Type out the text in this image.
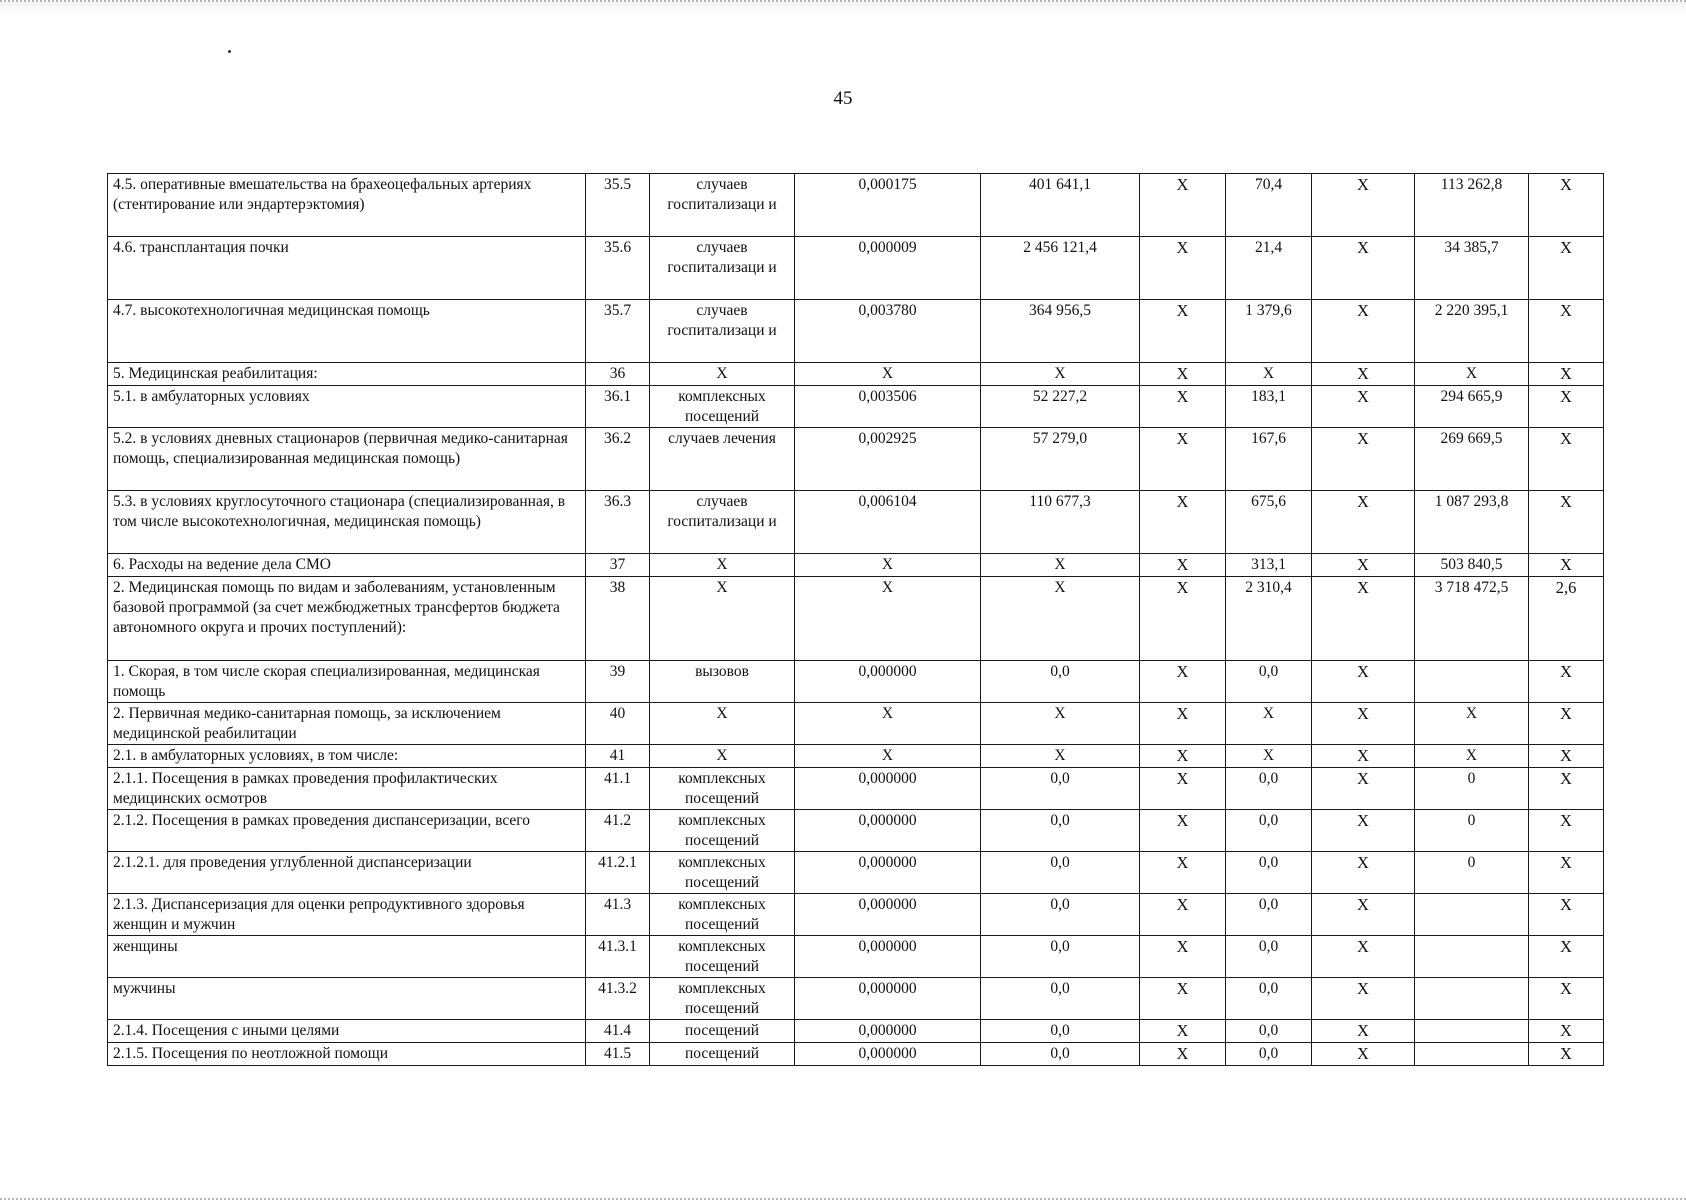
45
4.5. оперативные вмешательства на брахеоцефальных артериях (стентирование или эндартерэктомия)	35.5	случаев госпитализаци и	0,000175	401 641,1	X	70,4	X	113 262,8	X
4.6. трансплантация почки	35.6	случаев госпитализаци и	0,000009	2 456 121,4	X	21,4	X	34 385,7	X
4.7. высокотехнологичная медицинская помощь	35.7	случаев госпитализаци и	0,003780	364 956,5	X	1 379,6	X	2 220 395,1	X
5. Медицинская реабилитация:	36	X	X	X	X	X	X	X	X
5.1. в амбулаторных условиях	36.1	комплексных посещений	0,003506	52 227,2	X	183,1	X	294 665,9	X
5.2. в условиях дневных стационаров (первичная медико-санитарная помощь, специализированная медицинская помощь)	36.2	случаев лечения	0,002925	57 279,0	X	167,6	X	269 669,5	X
5.3. в условиях круглосуточного стационара (специализированная, в том числе высокотехнологичная, медицинская помощь)	36.3	случаев госпитализаци и	0,006104	110 677,3	X	675,6	X	1 087 293,8	X
6. Расходы на ведение дела СМО	37	X	X	X	X	313,1	X	503 840,5	X
2. Медицинская помощь по видам и заболеваниям, установленным базовой программой (за счет межбюджетных трансфертов бюджета автономного округа и прочих поступлений):	38	X	X	X	X	2 310,4	X	3 718 472,5	2,6
1. Скорая, в том числе скорая специализированная, медицинская помощь	39	вызовов	0,000000	0,0	X	0,0	X		X
2. Первичная медико-санитарная помощь, за исключением медицинской реабилитации	40	X	X	X	X	X	X	X	X
2.1. в амбулаторных условиях, в том числе:	41	X	X	X	X	X	X	X	X
2.1.1. Посещения в рамках проведения профилактических медицинских осмотров	41.1	комплексных посещений	0,000000	0,0	X	0,0	X	0	X
2.1.2. Посещения в рамках проведения диспансеризации, всего	41.2	комплексных посещений	0,000000	0,0	X	0,0	X	0	X
2.1.2.1. для проведения углубленной диспансеризации	41.2.1	комплексных посещений	0,000000	0,0	X	0,0	X	0	X
2.1.3. Диспансеризация для оценки репродуктивного здоровья женщин и мужчин	41.3	комплексных посещений	0,000000	0,0	X	0,0	X		X
женщины	41.3.1	комплексных посещений	0,000000	0,0	X	0,0	X		X
мужчины	41.3.2	комплексных посещений	0,000000	0,0	X	0,0	X		X
2.1.4. Посещения с иными целями	41.4	посещений	0,000000	0,0	X	0,0	X		X
2.1.5. Посещения по неотложной помощи	41.5	посещений	0,000000	0,0	X	0,0	X		X
